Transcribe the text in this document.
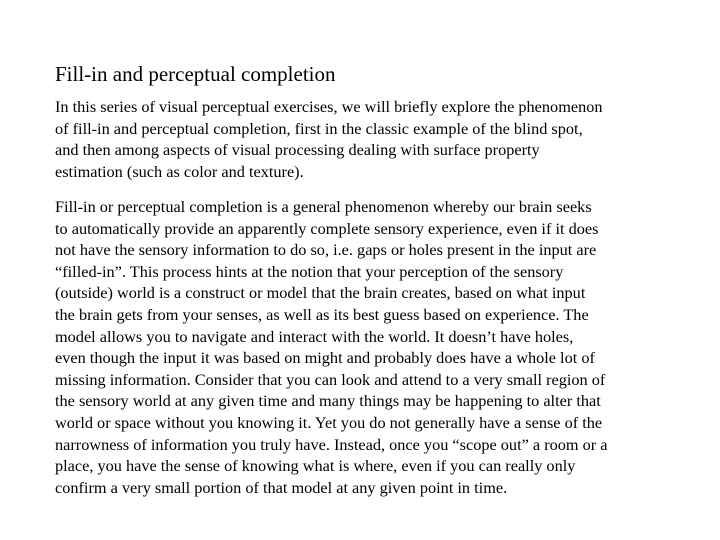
Fill-in and perceptual completion

In this series of visual perceptual exercises, we will briefly explore the phenomenon
of fill-in and perceptual completion, first in the classic example of the blind spot,
and then among aspects of visual processing dealing with surface property
estimation (such as color and texture).

Fill-in or perceptual completion is a general phenomenon whereby our brain seeks
to automatically provide an apparently complete sensory experience, even if it does
not have the sensory information to do so, i.e. gaps or holes present in the input are
“filled-in”. This process hints at the notion that your perception of the sensory
(outside) world is a construct or model that the brain creates, based on what input
the brain gets from your senses, as well as its best guess based on experience. The
model allows you to navigate and interact with the world. It doesn’t have holes,
even though the input it was based on might and probably does have a whole lot of
missing information. Consider that you can look and attend to a very small region of
the sensory world at any given time and many things may be happening to alter that
world or space without you knowing it. Yet you do not generally have a sense of the
narrowness of information you truly have. Instead, once you “scope out” a room or a
place, you have the sense of knowing what is where, even if you can really only
confirm a very small portion of that model at any given point in time.
